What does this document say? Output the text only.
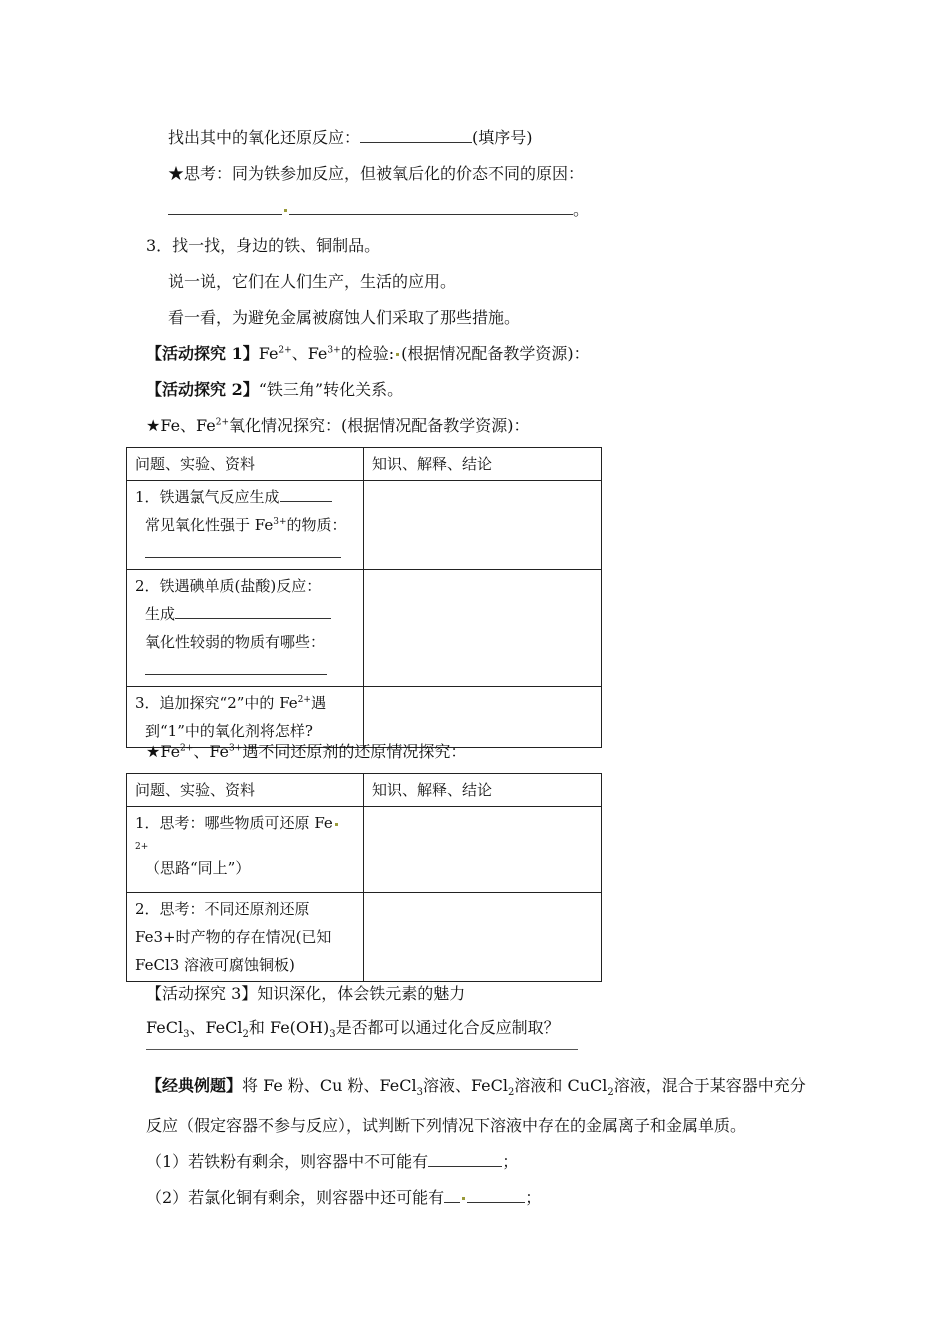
找出其中的氧化还原反应：	(填序号)
★思考：同为铁参加反应，但被氧后化的价态不同的原因：
。
3．找一找，身边的铁、铜制品。
说一说，它们在人们生产，生活的应用。
看一看，为避免金属被腐蚀人们采取了那些措施。
【活动探究 1】$Fe^{2+}$、$Fe^{3+}$的检验: (根据情况配备教学资源)：
【活动探究 2】“铁三角”转化关系。
★Fe、$Fe^{2+}$氧化情况探究：(根据情况配备教学资源)：
问题、实验、资料	知识、解释、结论

1．铁遇氯气反应生成
常见氧化性强于 $Fe^{3+}$的物质：	

2．铁遇碘单质(盐酸)反应：
生成
氧化性较弱的物质有哪些：	

3．追加探究“2”中的 $Fe^{2+}$遇
到“1”中的氧化剂将怎样?	

$★Fe^{2+}$、$Fe^{3+}$遇不同还原剂的还原情况探究：
问题、实验、资料	知识、解释、结论

1．思考：哪些物质可还原 Fe
2+
（思路“同上”）	

2．思考：不同还原剂还原
Fe3+时产物的存在情况(已知
FeCl3 溶液可腐蚀铜板)	

【活动探究 3】知识深化，体会铁元素的魅力
FeCl$_3$、FeCl$_2$和 $Fe(OH)_3$是否都可以通过化合反应制取？
【经典例题】将 Fe 粉、Cu 粉、FeCl$_3$溶液、FeCl$_2$溶液和 CuCl$_2$溶液，混合于某容器中充分
反应（假定容器不参与反应），试判断下列情况下溶液中存在的金属离子和金属单质。
（1）若铁粉有剩余，则容器中不可能有	；
（2）若氯化铜有剩余，则容器中还可能有	；
